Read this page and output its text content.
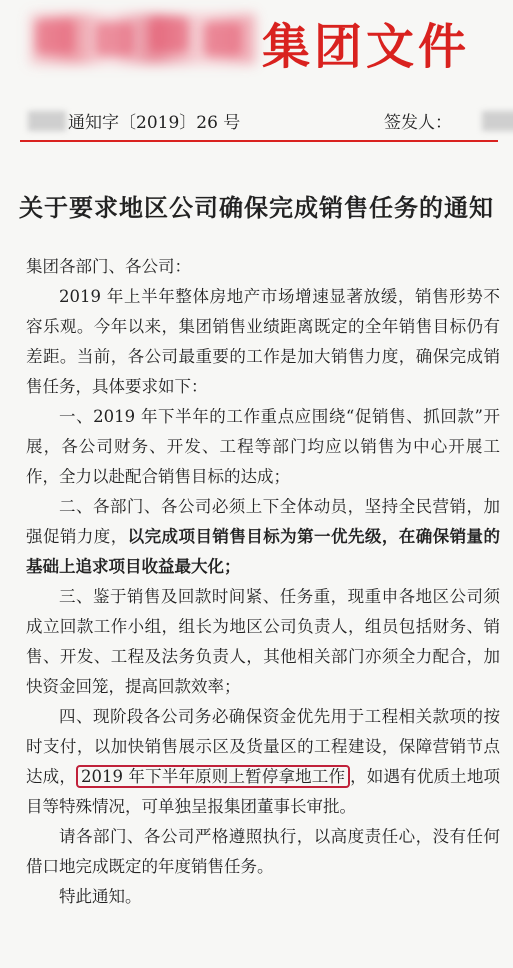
集团文件
通知字〔2019〕26 号	签发人：
关于要求地区公司确保完成销售任务的通知

集团各部门、各公司：

2019 年上半年整体房地产市场增速显著放缓，销售形势不容乐观。今年以来，集团销售业绩距离既定的全年销售目标仍有差距。当前，各公司最重要的工作是加大销售力度，确保完成销售任务，具体要求如下：

一、2019 年下半年的工作重点应围绕“促销售、抓回款”开展，各公司财务、开发、工程等部门均应以销售为中心开展工作，全力以赴配合销售目标的达成；

二、各部门、各公司必须上下全体动员，坚持全民营销，加强促销力度，以完成项目销售目标为第一优先级，在确保销量的基础上追求项目收益最大化；

三、鉴于销售及回款时间紧、任务重，现重申各地区公司须成立回款工作小组，组长为地区公司负责人，组员包括财务、销售、开发、工程及法务负责人，其他相关部门亦须全力配合，加快资金回笼，提高回款效率；

四、现阶段各公司务必确保资金优先用于工程相关款项的按时支付，以加快销售展示区及货量区的工程建设，保障营销节点达成， 2019 年下半年原则上暂停拿地工作 ，如遇有优质土地项目等特殊情况，可单独呈报集团董事长审批。

请各部门、各公司严格遵照执行，以高度责任心，没有任何借口地完成既定的年度销售任务。

特此通知。
